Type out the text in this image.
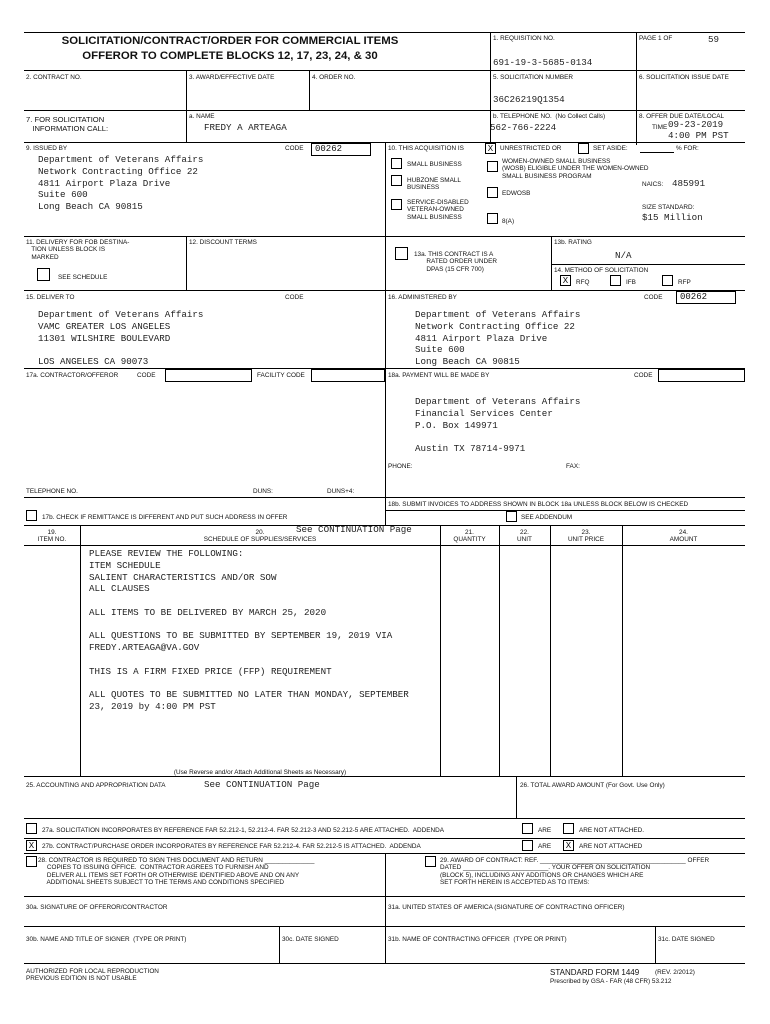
SOLICITATION/CONTRACT/ORDER FOR COMMERCIAL ITEMS
OFFEROR TO COMPLETE BLOCKS 12, 17, 23, 24, & 30
1. REQUISITION NO.
691-19-3-5685-0134
PAGE 1 OF	59
2. CONTRACT NO.	3. AWARD/EFFECTIVE DATE	4. ORDER NO.	5. SOLICITATION NUMBER
36C26219Q1354
6. SOLICITATION ISSUE DATE
7. FOR SOLICITATION
INFORMATION CALL:
a. NAME
FREDY A ARTEAGA
b. TELEPHONE NO.  (No Collect Calls)
562-766-2224
8. OFFER DUE DATE/LOCAL
TIME 09-23-2019
4:00 PM PST
9. ISSUED BY	CODE	00262
Department of Veterans Affairs
Network Contracting Office 22
4811 Airport Plaza Drive
Suite 600
Long Beach CA 90815
10. THIS ACQUISITION IS	X	UNRESTRICTED OR	SET ASIDE:	% FOR:
SMALL BUSINESS
HUBZONE SMALL
BUSINESS
SERVICE-DISABLED
VETERAN-OWNED
SMALL BUSINESS
WOMEN-OWNED SMALL BUSINESS
(WOSB) ELIGIBLE UNDER THE WOMEN-OWNED
SMALL BUSINESS PROGRAM
EDWOSB
8(A)
NAICS: 485991
SIZE STANDARD:
$15 Million
11. DELIVERY FOR FOB DESTINA-
TION UNLESS BLOCK IS
MARKED
SEE SCHEDULE
12. DISCOUNT TERMS
13a. THIS CONTRACT IS A
RATED ORDER UNDER
DPAS (15 CFR 700)
13b. RATING
N/A
14. METHOD OF SOLICITATION
X	RFQ	IFB	RFP
15. DELIVER TO	CODE
Department of Veterans Affairs
VAMC GREATER LOS ANGELES
11301 WILSHIRE BOULEVARD

LOS ANGELES CA 90073
16. ADMINISTERED BY	CODE	00262
Department of Veterans Affairs
Network Contracting Office 22
4811 Airport Plaza Drive
Suite 600
Long Beach CA 90815
17a. CONTRACTOR/OFFEROR	CODE	FACILITY CODE
TELEPHONE NO.	DUNS:	DUNS+4:
17b. CHECK IF REMITTANCE IS DIFFERENT AND PUT SUCH ADDRESS IN OFFER
18a. PAYMENT WILL BE MADE BY	CODE
Department of Veterans Affairs
Financial Services Center
P.O. Box 149971

Austin TX 78714-9971
PHONE:	FAX:
18b. SUBMIT INVOICES TO ADDRESS SHOWN IN BLOCK 18a UNLESS BLOCK BELOW IS CHECKED
SEE ADDENDUM
19.
ITEM NO.
20.
SCHEDULE OF SUPPLIES/SERVICES
See CONTINUATION Page	21.
QUANTITY
22.
UNIT
23.
UNIT PRICE
24.
AMOUNT
PLEASE REVIEW THE FOLLOWING:
ITEM SCHEDULE
SALIENT CHARACTERISTICS AND/OR SOW
ALL CLAUSES

ALL ITEMS TO BE DELIVERED BY MARCH 25, 2020

ALL QUESTIONS TO BE SUBMITTED BY SEPTEMBER 19, 2019 VIA
FREDY.ARTEAGA@VA.GOV

THIS IS A FIRM FIXED PRICE (FFP) REQUIREMENT

ALL QUOTES TO BE SUBMITTED NO LATER THAN MONDAY, SEPTEMBER
23, 2019 by 4:00 PM PST
(Use Reverse and/or Attach Additional Sheets as Necessary)
25. ACCOUNTING AND APPROPRIATION DATA	See CONTINUATION Page	26. TOTAL AWARD AMOUNT (For Govt. Use Only)
27a. SOLICITATION INCORPORATES BY REFERENCE FAR 52.212-1, 52.212-4. FAR 52.212-3 AND 52.212-5 ARE ATTACHED.  ADDENDA	ARE	ARE NOT ATTACHED.
X	27b. CONTRACT/PURCHASE ORDER INCORPORATES BY REFERENCE FAR 52.212-4. FAR 52.212-5 IS ATTACHED.  ADDENDA	ARE	X	ARE NOT ATTACHED
28. CONTRACTOR IS REQUIRED TO SIGN THIS DOCUMENT AND RETURN ______________
COPIES TO ISSUING OFFICE.  CONTRACTOR AGREES TO FURNISH AND
DELIVER ALL ITEMS SET FORTH OR OTHERWISE IDENTIFIED ABOVE AND ON ANY
ADDITIONAL SHEETS SUBJECT TO THE TERMS AND CONDITIONS SPECIFIED
29. AWARD OF CONTRACT: REF. _________________________________________ OFFER
DATED ________________________. YOUR OFFER ON SOLICITATION
(BLOCK 5), INCLUDING ANY ADDITIONS OR CHANGES WHICH ARE
SET FORTH HEREIN IS ACCEPTED AS TO ITEMS:
30a. SIGNATURE OF OFFEROR/CONTRACTOR	31a. UNITED STATES OF AMERICA (SIGNATURE OF CONTRACTING OFFICER)
30b. NAME AND TITLE OF SIGNER  (TYPE OR PRINT)	30c. DATE SIGNED	31b. NAME OF CONTRACTING OFFICER  (TYPE OR PRINT)	31c. DATE SIGNED
AUTHORIZED FOR LOCAL REPRODUCTION
PREVIOUS EDITION IS NOT USABLE
STANDARD FORM 1449 (REV. 2/2012)
Prescribed by GSA - FAR (48 CFR) 53.212
